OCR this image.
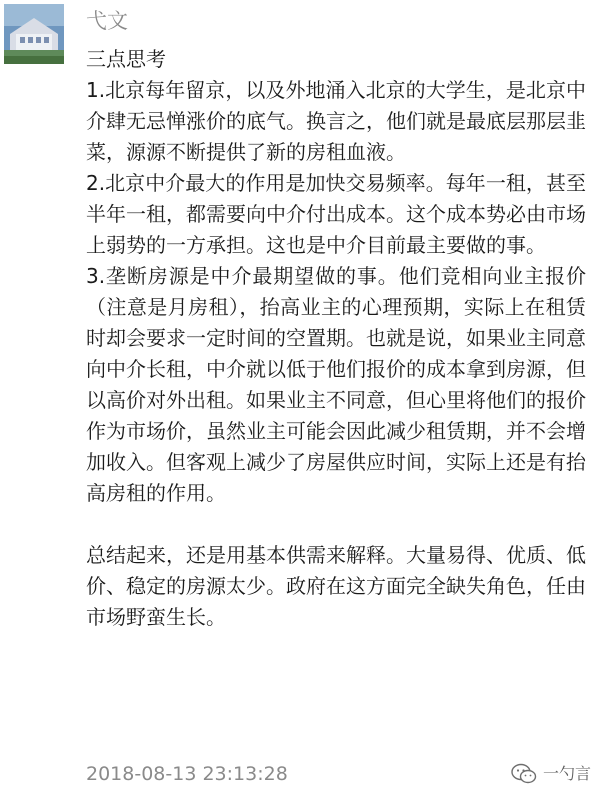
弋文

三点思考

1.北京每年留京，以及外地涌入北京的大学生，是北京中介肆无忌惮涨价的底气。换言之，他们就是最底层那层韭菜，源源不断提供了新的房租血液。

2.北京中介最大的作用是加快交易频率。每年一租，甚至半年一租，都需要向中介付出成本。这个成本势必由市场上弱势的一方承担。这也是中介目前最主要做的事。

3.垄断房源是中介最期望做的事。他们竞相向业主报价（注意是月房租），抬高业主的心理预期，实际上在租赁时却会要求一定时间的空置期。也就是说，如果业主同意向中介长租，中介就以低于他们报价的成本拿到房源，但以高价对外出租。如果业主不同意，但心里将他们的报价作为市场价，虽然业主可能会因此减少租赁期，并不会增加收入。但客观上减少了房屋供应时间，实际上还是有抬高房租的作用。

总结起来，还是用基本供需来解释。大量易得、优质、低价、稳定的房源太少。政府在这方面完全缺失角色，任由市场野蛮生长。

2018-08-13 23:13:28	一勺言
